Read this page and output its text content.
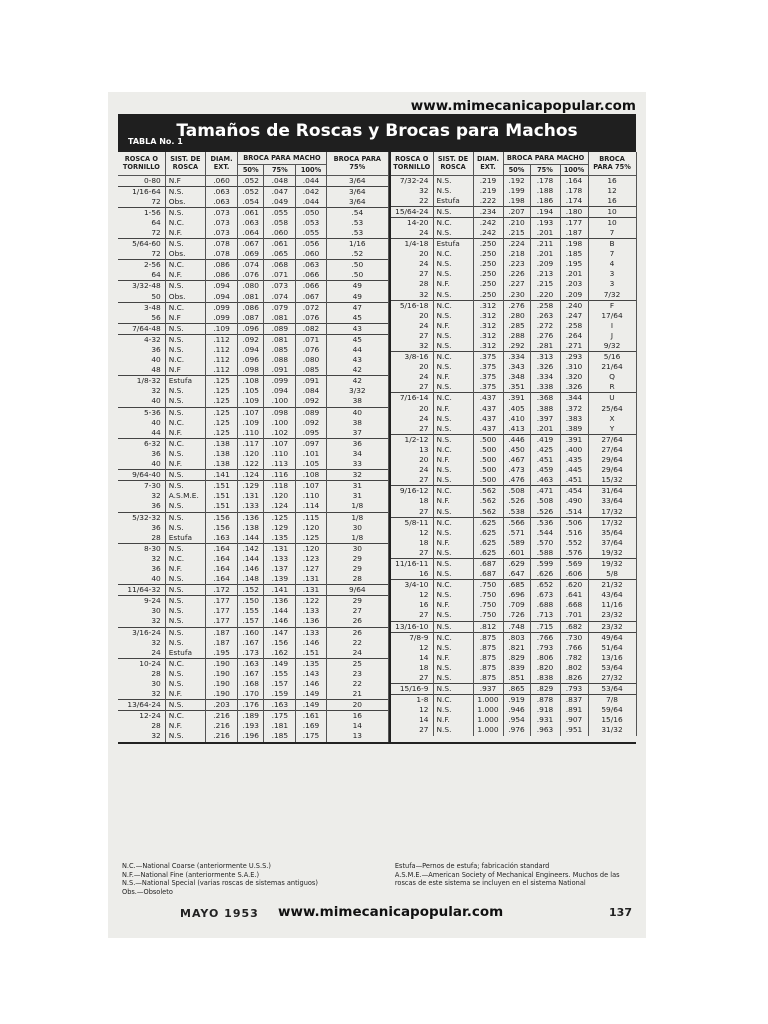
www.mimecanicapopular.com
TABLA No. 1
Tamaños de Roscas y Brocas para Machos
ROSCA O TORNILLO	SIST. DE ROSCA	DIAM. EXT.	BROCA PARA MACHO			BROCA PARA 75%
			50%	75%	100%	
0-80	N.F	.060	.052	.048	.044	3/64
1/16-64	N.S.	.063	.052	.047	.042	3/64
72	Obs.	.063	.054	.049	.044	3/64
1-56	N.S.	.073	.061	.055	.050	.54
64	N.C.	.073	.063	.058	.053	.53
72	N.F.	.073	.064	.060	.055	.53
5/64-60	N.S.	.078	.067	.061	.056	1/16
72	Obs.	.078	.069	.065	.060	.52
2-56	N.C.	.086	.074	.068	.063	.50
64	N.F.	.086	.076	.071	.066	.50
3/32-48	N.S.	.094	.080	.073	.066	49
50	Obs.	.094	.081	.074	.067	49
3-48	N.C.	.099	.086	.079	.072	47
56	N.F	.099	.087	.081	.076	45
7/64-48	N.S.	.109	.096	.089	.082	43
4-32	N.S.	.112	.092	.081	.071	45
36	N.S.	.112	.094	.085	.076	44
40	N.C.	.112	.096	.088	.080	43
48	N.F	.112	.098	.091	.085	42
1/8-32	Estufa	.125	.108	.099	.091	42
32	N.S.	.125	.105	.094	.084	3/32
40	N.S.	.125	.109	.100	.092	38
5-36	N.S.	.125	.107	.098	.089	40
40	N.C.	.125	.109	.100	.092	38
44	N.F.	.125	.110	.102	.095	37
6-32	N.C.	.138	.117	.107	.097	36
36	N.S.	.138	.120	.110	.101	34
40	N.F.	.138	.122	.113	.105	33
9/64-40	N.S.	.141	.124	.116	.108	32
7-30	N.S.	.151	.129	.118	.107	31
32	A.S.M.E.	.151	.131	.120	.110	31
36	N.S.	.151	.133	.124	.114	1/8
5/32-32	N.S.	.156	.136	.125	.115	1/8
36	N.S.	.156	.138	.129	.120	30
28	Estufa	.163	.144	.135	.125	1/8
8-30	N.S.	.164	.142	.131	.120	30
32	N.C.	.164	.144	.133	.123	29
36	N.F.	.164	.146	.137	.127	29
40	N.S.	.164	.148	.139	.131	28
11/64-32	N.S.	.172	.152	.141	.131	9/64
9-24	N.S.	.177	.150	.136	.122	29
30	N.S.	.177	.155	.144	.133	27
32	N.S.	.177	.157	.146	.136	26
3/16-24	N.S.	.187	.160	.147	.133	26
32	N.S.	.187	.167	.156	.146	22
24	Estufa	.195	.173	.162	.151	24
10-24	N.C.	.190	.163	.149	.135	25
28	N.S.	.190	.167	.155	.143	23
30	N.S.	.190	.168	.157	.146	22
32	N.F.	.190	.170	.159	.149	21
13/64-24	N.S.	.203	.176	.163	.149	20
12-24	N.C.	.216	.189	.175	.161	16
28	N.F.	.216	.193	.181	.169	14
32	N.S.	.216	.196	.185	.175	13
ROSCA O TORNILLO	SIST. DE ROSCA	DIAM. EXT.	BROCA PARA MACHO			BROCA PARA 75%
			50%	75%	100%	
7/32-24	N.S.	.219	.192	.178	.164	16
32	N.S.	.219	.199	.188	.178	12
22	Estufa	.222	.198	.186	.174	16
15/64-24	N.S.	.234	.207	.194	.180	10
14-20	N.C.	.242	.210	.193	.177	10
24	N.S.	.242	.215	.201	.187	7
1/4-18	Estufa	.250	.224	.211	.198	B
20	N.C.	.250	.218	.201	.185	7
24	N.S.	.250	.223	.209	.195	4
27	N.S.	.250	.226	.213	.201	3
28	N.F.	.250	.227	.215	.203	3
32	N.S.	.250	.230	.220	.209	7/32
5/16-18	N.C.	.312	.276	.258	.240	F
20	N.S.	.312	.280	.263	.247	17/64
24	N.F.	.312	.285	.272	.258	I
27	N.S.	.312	.288	.276	.264	J
32	N.S.	.312	.292	.281	.271	9/32
3/8-16	N.C.	.375	.334	.313	.293	5/16
20	N.S.	.375	.343	.326	.310	21/64
24	N.F.	.375	.348	.334	.320	Q
27	N.S.	.375	.351	.338	.326	R
7/16-14	N.C.	.437	.391	.368	.344	U
20	N.F.	.437	.405	.388	.372	25/64
24	N.S.	.437	.410	.397	.383	X
27	N.S.	.437	.413	.201	.389	Y
1/2-12	N.S.	.500	.446	.419	.391	27/64
13	N.C.	.500	.450	.425	.400	27/64
20	N.F.	.500	.467	.451	.435	29/64
24	N.S.	.500	.473	.459	.445	29/64
27	N.S.	.500	.476	.463	.451	15/32
9/16-12	N.C.	.562	.508	.471	.454	31/64
18	N.F.	.562	.526	.508	.490	33/64
27	N.S.	.562	.538	.526	.514	17/32
5/8-11	N.C.	.625	.566	.536	.506	17/32
12	N.S.	.625	.571	.544	.516	35/64
18	N.F.	.625	.589	.570	.552	37/64
27	N.S.	.625	.601	.588	.576	19/32
11/16-11	N.S.	.687	.629	.599	.569	19/32
16	N.S.	.687	.647	.626	.606	5/8
3/4-10	N.C.	.750	.685	.652	.620	21/32
12	N.S.	.750	.696	.673	.641	43/64
16	N.F.	.750	.709	.688	.668	11/16
27	N.S.	.750	.726	.713	.701	23/32
13/16-10	N.S.	.812	.748	.715	.682	23/32
7/8-9	N.C.	.875	.803	.766	.730	49/64
12	N.S.	.875	.821	.793	.766	51/64
14	N.F.	.875	.829	.806	.782	13/16
18	N.S.	.875	.839	.820	.802	53/64
27	N.S.	.875	.851	.838	.826	27/32
15/16-9	N.S.	.937	.865	.829	.793	53/64
1-8	N.C.	1.000	.919	.878	.837	7/8
12	N.S.	1.000	.946	.918	.891	59/64
14	N.F.	1.000	.954	.931	.907	15/16
27	N.S.	1.000	.976	.963	.951	31/32
N.C.—National Coarse (anteriormente U.S.S.)
N.F.—National Fine (anteriormente S.A.E.)
N.S.—National Special (varias roscas de sistemas antiguos)
Obs.—Obsoleto
Estufa—Pernos de estufa; fabricación standard
A.S.M.E.—American Society of Mechanical Engineers. Muchos de las roscas de este sistema se incluyen en el sistema National
MAYO 1953 www.mimecanicapopular.com	137
